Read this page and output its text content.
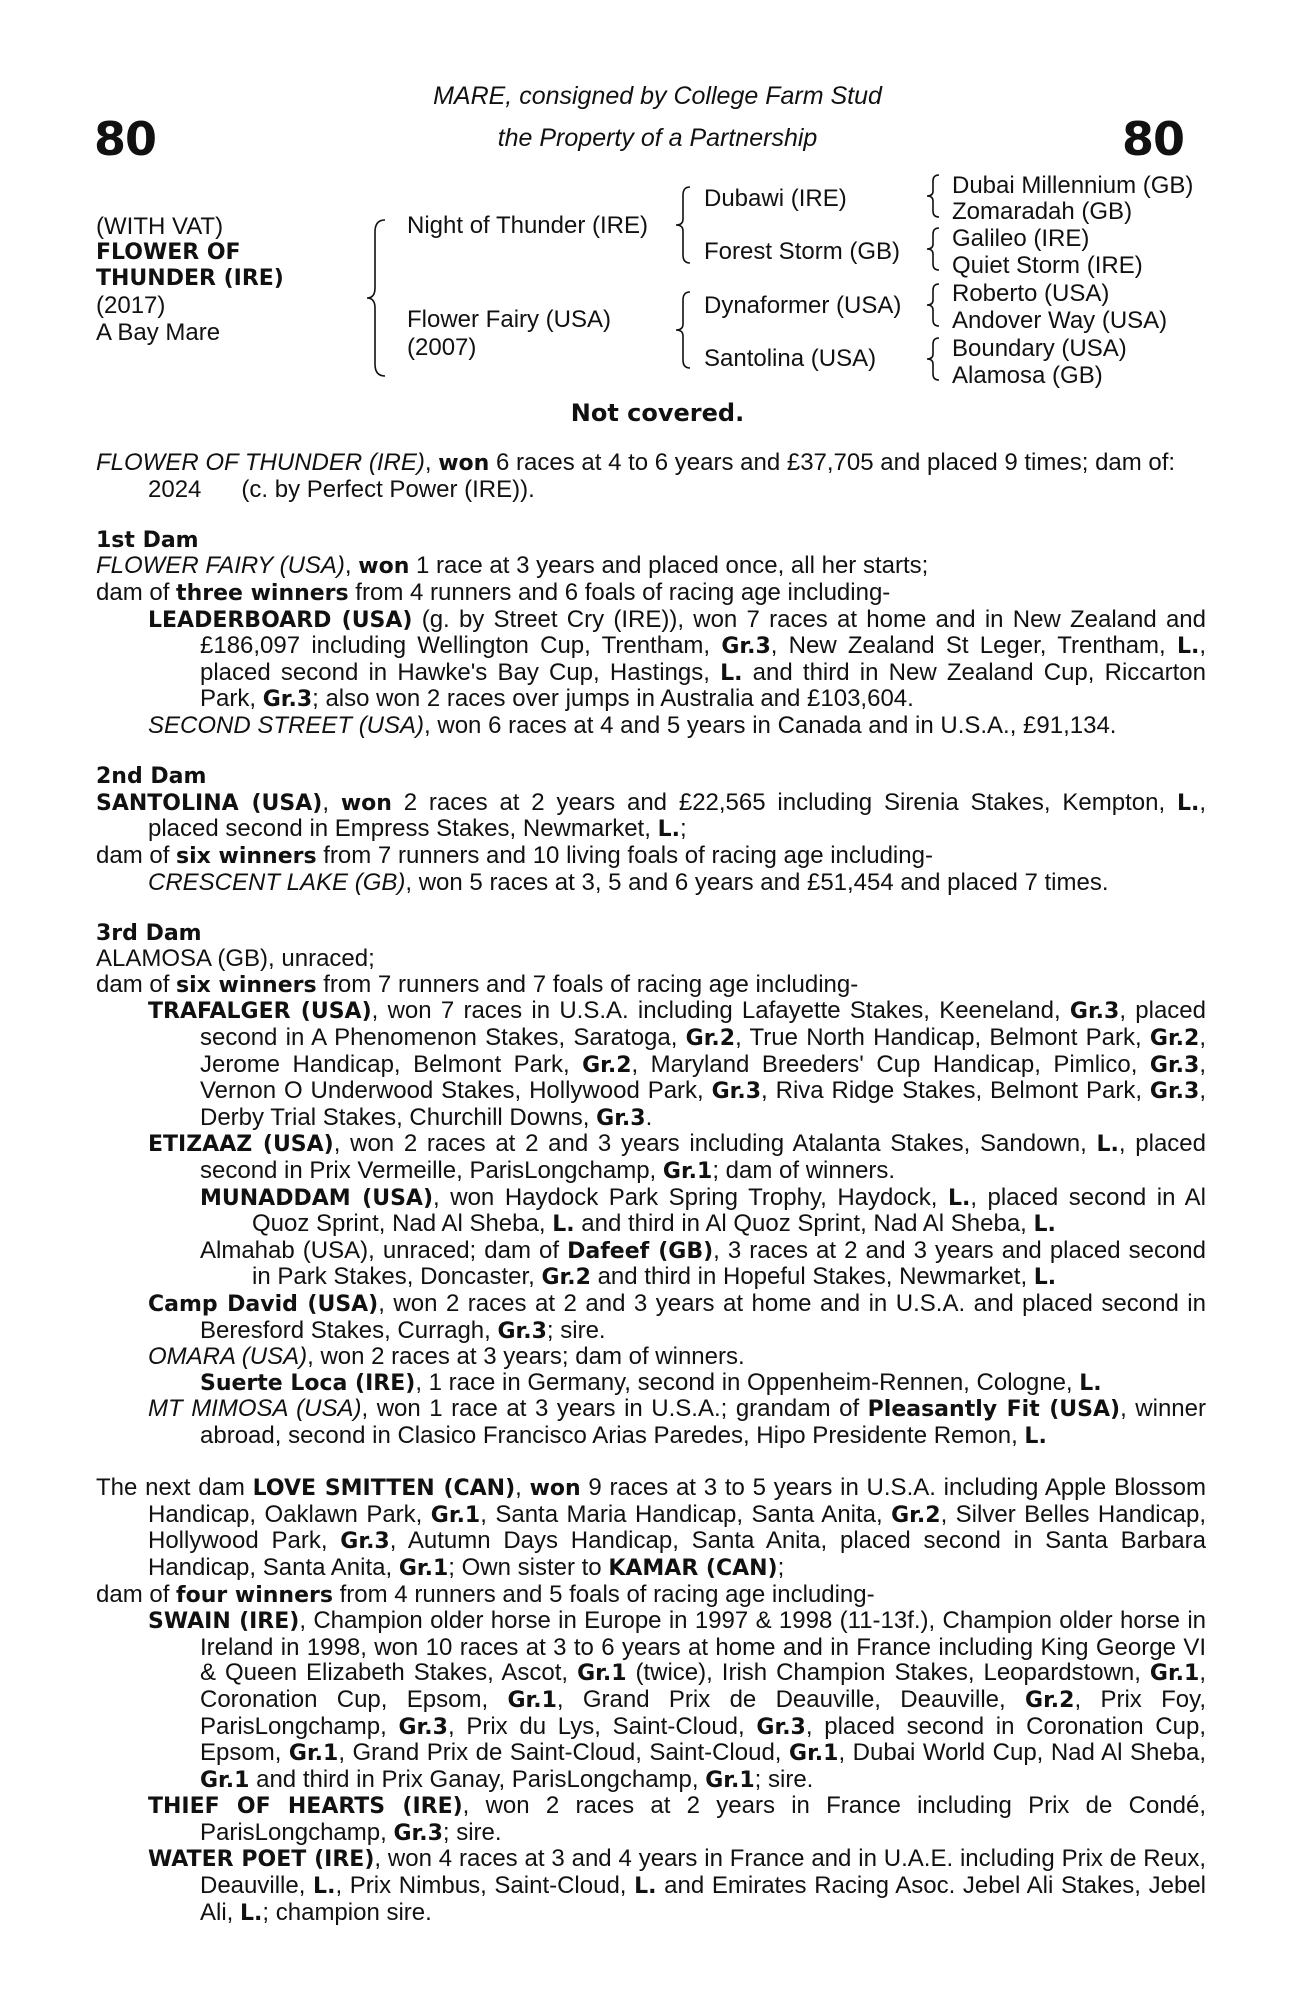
80	80
MARE, consigned by College Farm Stud
the Property of a Partnership
(WITH VAT)
FLOWER OF
THUNDER (IRE)
(2017)
A Bay Mare
Night of Thunder (IRE)
Flower Fairy (USA)
(2007)
Dubawi (IRE)
Forest Storm (GB)
Dynaformer (USA)
Santolina (USA)
Dubai Millennium (GB)
Zomaradah (GB)
Galileo (IRE)
Quiet Storm (IRE)
Roberto (USA)
Andover Way (USA)
Boundary (USA)
Alamosa (GB)
Not covered.

FLOWER OF THUNDER (IRE), won 6 races at 4 to 6 years and £37,705 and placed 9 times; dam of:

2024 (c. by Perfect Power (IRE)).

1st Dam

FLOWER FAIRY (USA), won 1 race at 3 years and placed once, all her starts;

dam of three winners from 4 runners and 6 foals of racing age including-

LEADERBOARD (USA) (g. by Street Cry (IRE)), won 7 races at home and in New Zealand and £186,097 including Wellington Cup, Trentham, Gr.3, New Zealand St Leger, Trentham, L., placed second in Hawke's Bay Cup, Hastings, L. and third in New Zealand Cup, Riccarton Park, Gr.3; also won 2 races over jumps in Australia and £103,604.

SECOND STREET (USA), won 6 races at 4 and 5 years in Canada and in U.S.A., £91,134.

2nd Dam

SANTOLINA (USA), won 2 races at 2 years and £22,565 including Sirenia Stakes, Kempton, L., placed second in Empress Stakes, Newmarket, L.;

dam of six winners from 7 runners and 10 living foals of racing age including-

CRESCENT LAKE (GB), won 5 races at 3, 5 and 6 years and £51,454 and placed 7 times.

3rd Dam

ALAMOSA (GB), unraced;

dam of six winners from 7 runners and 7 foals of racing age including-

TRAFALGER (USA), won 7 races in U.S.A. including Lafayette Stakes, Keeneland, Gr.3, placed second in A Phenomenon Stakes, Saratoga, Gr.2, True North Handicap, Belmont Park, Gr.2, Jerome Handicap, Belmont Park, Gr.2, Maryland Breeders' Cup Handicap, Pimlico, Gr.3, Vernon O Underwood Stakes, Hollywood Park, Gr.3, Riva Ridge Stakes, Belmont Park, Gr.3, Derby Trial Stakes, Churchill Downs, Gr.3.

ETIZAAZ (USA), won 2 races at 2 and 3 years including Atalanta Stakes, Sandown, L., placed second in Prix Vermeille, ParisLongchamp, Gr.1; dam of winners.

MUNADDAM (USA), won Haydock Park Spring Trophy, Haydock, L., placed second in Al Quoz Sprint, Nad Al Sheba, L. and third in Al Quoz Sprint, Nad Al Sheba, L.

Almahab (USA), unraced; dam of Dafeef (GB), 3 races at 2 and 3 years and placed second in Park Stakes, Doncaster, Gr.2 and third in Hopeful Stakes, Newmarket, L.

Camp David (USA), won 2 races at 2 and 3 years at home and in U.S.A. and placed second in Beresford Stakes, Curragh, Gr.3; sire.

OMARA (USA), won 2 races at 3 years; dam of winners.

Suerte Loca (IRE), 1 race in Germany, second in Oppenheim-Rennen, Cologne, L.

MT MIMOSA (USA), won 1 race at 3 years in U.S.A.; grandam of Pleasantly Fit (USA), winner abroad, second in Clasico Francisco Arias Paredes, Hipo Presidente Remon, L.

The next dam LOVE SMITTEN (CAN), won 9 races at 3 to 5 years in U.S.A. including Apple Blossom Handicap, Oaklawn Park, Gr.1, Santa Maria Handicap, Santa Anita, Gr.2, Silver Belles Handicap, Hollywood Park, Gr.3, Autumn Days Handicap, Santa Anita, placed second in Santa Barbara Handicap, Santa Anita, Gr.1; Own sister to KAMAR (CAN);

dam of four winners from 4 runners and 5 foals of racing age including-

SWAIN (IRE), Champion older horse in Europe in 1997 & 1998 (11-13f.), Champion older horse in Ireland in 1998, won 10 races at 3 to 6 years at home and in France including King George VI & Queen Elizabeth Stakes, Ascot, Gr.1 (twice), Irish Champion Stakes, Leopardstown, Gr.1, Coronation Cup, Epsom, Gr.1, Grand Prix de Deauville, Deauville, Gr.2, Prix Foy, ParisLongchamp, Gr.3, Prix du Lys, Saint-Cloud, Gr.3, placed second in Coronation Cup, Epsom, Gr.1, Grand Prix de Saint-Cloud, Saint-Cloud, Gr.1, Dubai World Cup, Nad Al Sheba, Gr.1 and third in Prix Ganay, ParisLongchamp, Gr.1; sire.

THIEF OF HEARTS (IRE), won 2 races at 2 years in France including Prix de Condé, ParisLongchamp, Gr.3; sire.

WATER POET (IRE), won 4 races at 3 and 4 years in France and in U.A.E. including Prix de Reux, Deauville, L., Prix Nimbus, Saint-Cloud, L. and Emirates Racing Asoc. Jebel Ali Stakes, Jebel Ali, L.; champion sire.
